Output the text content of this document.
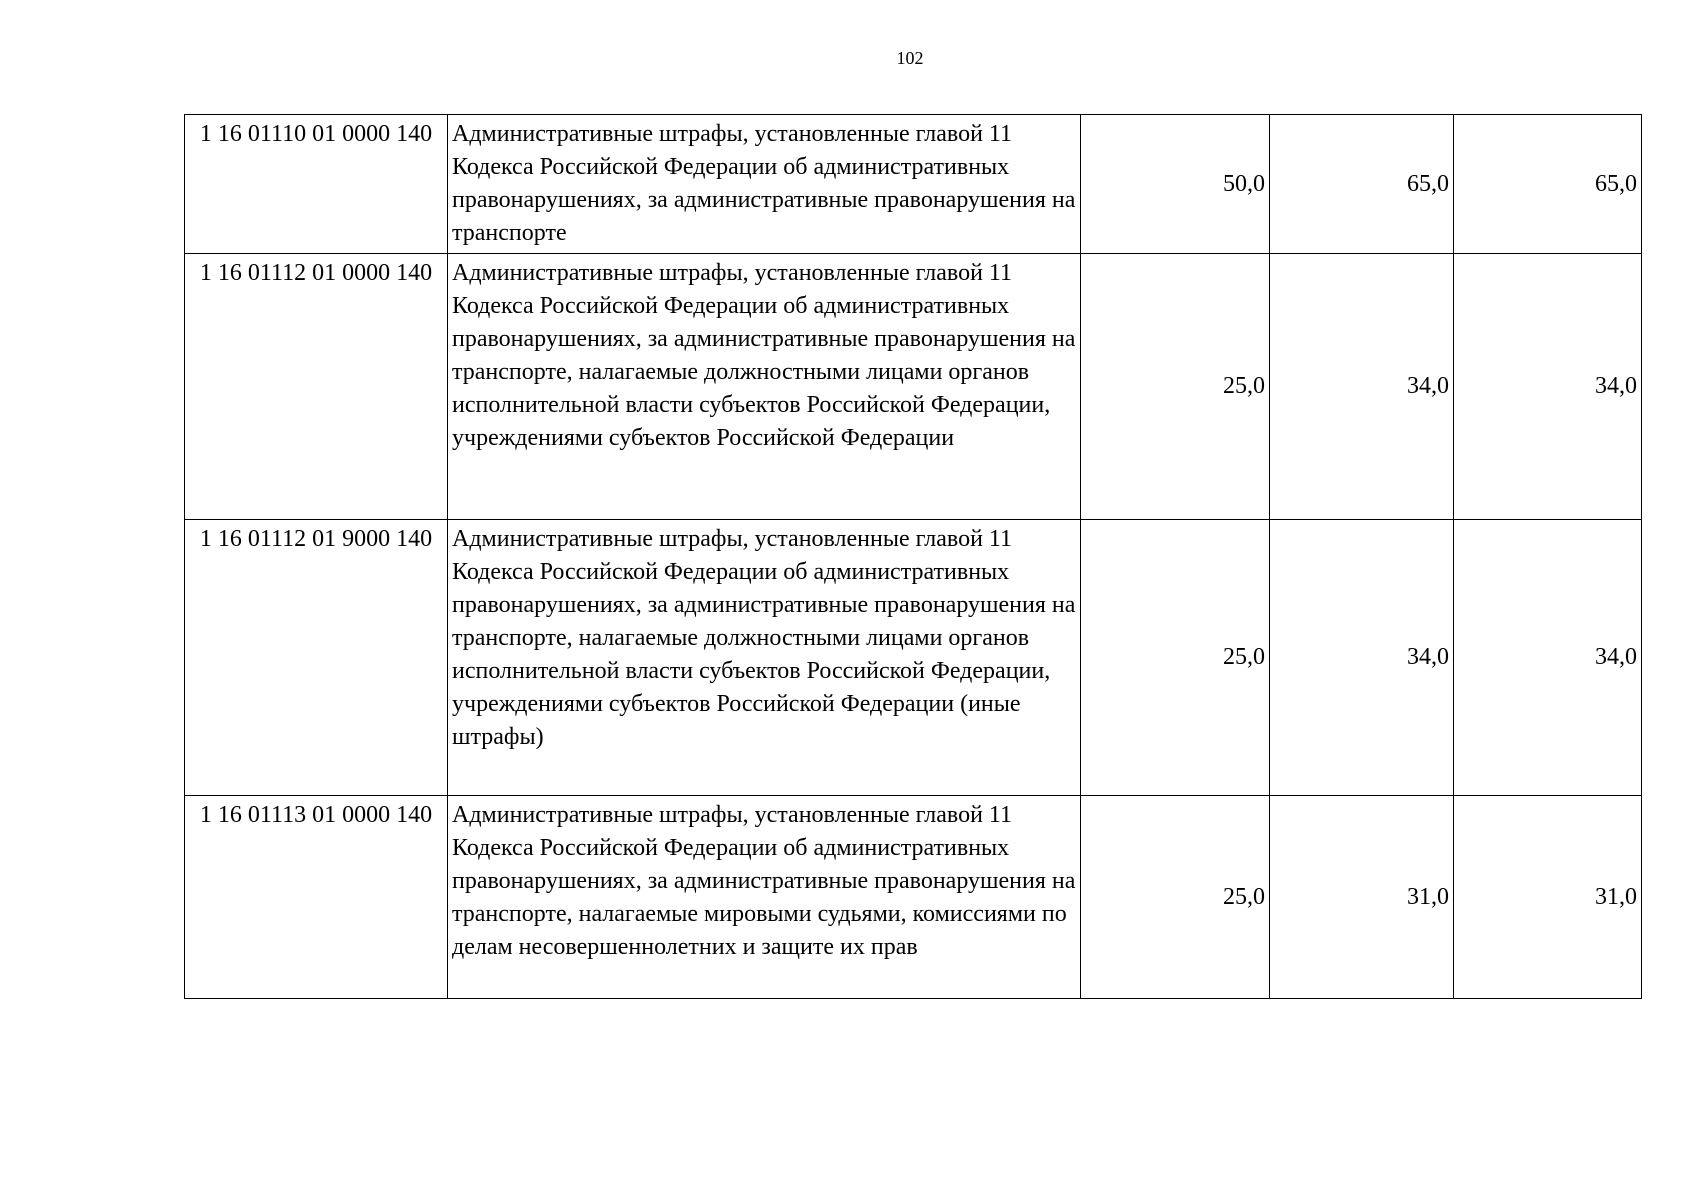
102
1 16 01110 01 0000 140	Административные штрафы, установленные главой 11 Кодекса Российской Федерации об административных правонарушениях, за административные правонарушения на транспорте	50,0	65,0	65,0
1 16 01112 01 0000 140	Административные штрафы, установленные главой 11 Кодекса Российской Федерации об административных правонарушениях, за административные правонарушения на транспорте, налагаемые должностными лицами органов исполнительной власти субъектов Российской Федерации, учреждениями субъектов Российской Федерации	25,0	34,0	34,0
1 16 01112 01 9000 140	Административные штрафы, установленные главой 11 Кодекса Российской Федерации об административных правонарушениях, за административные правонарушения на транспорте, налагаемые должностными лицами органов исполнительной власти субъектов Российской Федерации, учреждениями субъектов Российской Федерации (иные штрафы)	25,0	34,0	34,0
1 16 01113 01 0000 140	Административные штрафы, установленные главой 11 Кодекса Российской Федерации об административных правонарушениях, за административные правонарушения на транспорте, налагаемые мировыми судьями, комиссиями по делам несовершеннолетних и защите их прав	25,0	31,0	31,0
